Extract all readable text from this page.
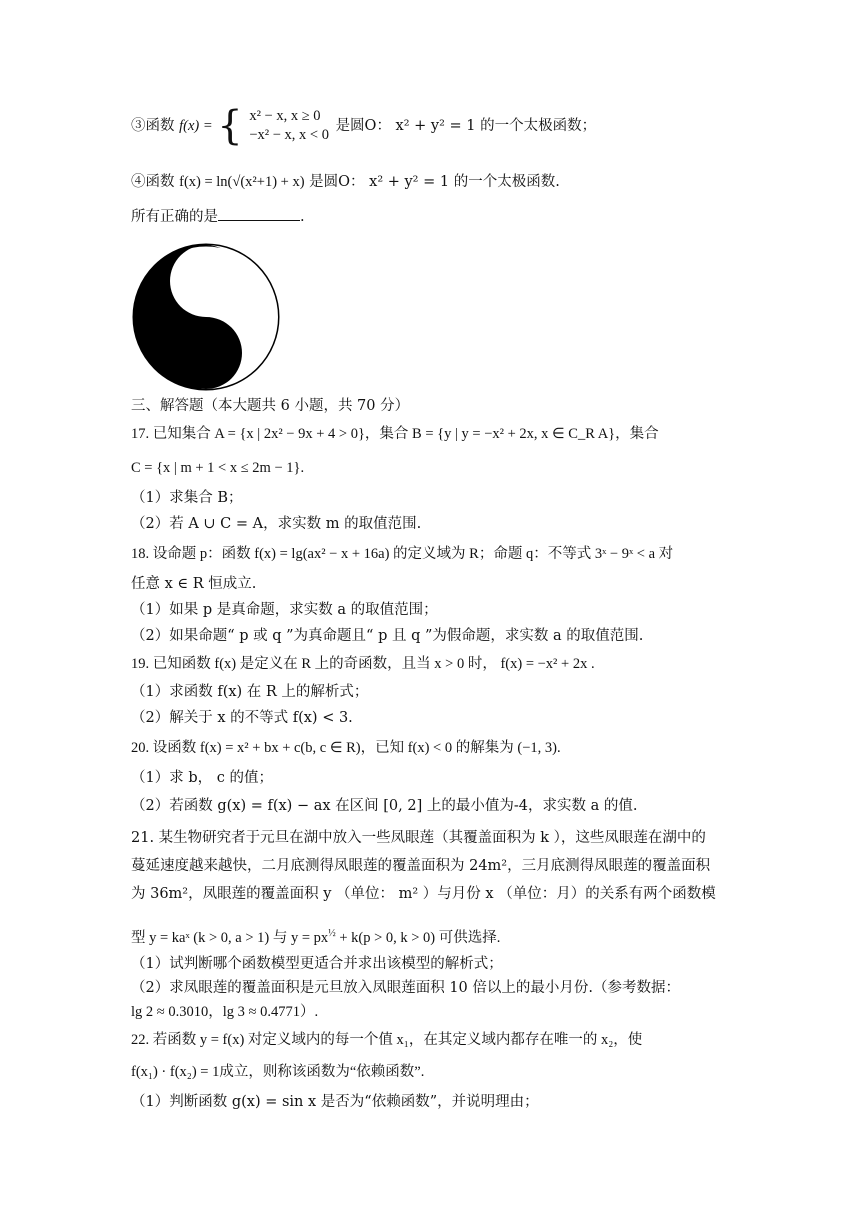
③函数 f(x) = { x² − x, x ≥ 0
−x² − x, x < 0 是圆O： x² + y² = 1 的一个太极函数；
④函数 f(x) = ln(√(x²+1) + x) 是圆O： x² + y² = 1 的一个太极函数.
所有正确的是	.
三、解答题（本大题共 6 小题，共 70 分）
17. 已知集合 A = {x | 2x² − 9x + 4 > 0}，集合 B = {y | y = −x² + 2x, x ∈ C_R A}，集合
C = {x | m + 1 < x ≤ 2m − 1}.
（1）求集合 B；
（2）若 A ∪ C = A，求实数 m 的取值范围.
18. 设命题 p：函数 f(x) = lg(ax² − x + 16a) 的定义域为 R；命题 q：不等式 3ˣ − 9ˣ < a 对
任意 x ∈ R 恒成立.
（1）如果 p 是真命题，求实数 a 的取值范围；
（2）如果命题“ p 或 q ”为真命题且“ p 且 q ”为假命题，求实数 a 的取值范围.
19. 已知函数 f(x) 是定义在 R 上的奇函数，且当 x > 0 时， f(x) = −x² + 2x .
（1）求函数 f(x) 在 R 上的解析式；
（2）解关于 x 的不等式 f(x) < 3.
20. 设函数 f(x) = x² + bx + c(b, c ∈ R)，已知 f(x) < 0 的解集为 (−1, 3).
（1）求 b， c 的值；
（2）若函数 g(x) = f(x) − ax 在区间 [0, 2] 上的最小值为-4，求实数 a 的值.
21. 某生物研究者于元旦在湖中放入一些凤眼莲（其覆盖面积为 k ），这些凤眼莲在湖中的
蔓延速度越来越快，二月底测得凤眼莲的覆盖面积为 24m²，三月底测得凤眼莲的覆盖面积
为 36m²，凤眼莲的覆盖面积 y （单位： m² ）与月份 x （单位：月）的关系有两个函数模
型 y = kaˣ (k > 0, a > 1) 与 $y = px^{\frac{1}{2}} + k(p > 0$, k > 0) 可供选择.
（1）试判断哪个函数模型更适合并求出该模型的解析式；
（2）求凤眼莲的覆盖面积是元旦放入凤眼莲面积 10 倍以上的最小月份.（参考数据：
lg 2 ≈ 0.3010，lg 3 ≈ 0.4771）.
22. 若函数 y = f(x) 对定义域内的每一个值 x₁，在其定义域内都存在唯一的 x₂，使
f(x₁) · f(x₂) = 1成立，则称该函数为“依赖函数”.
（1）判断函数 g(x) = sin x 是否为“依赖函数”，并说明理由；
